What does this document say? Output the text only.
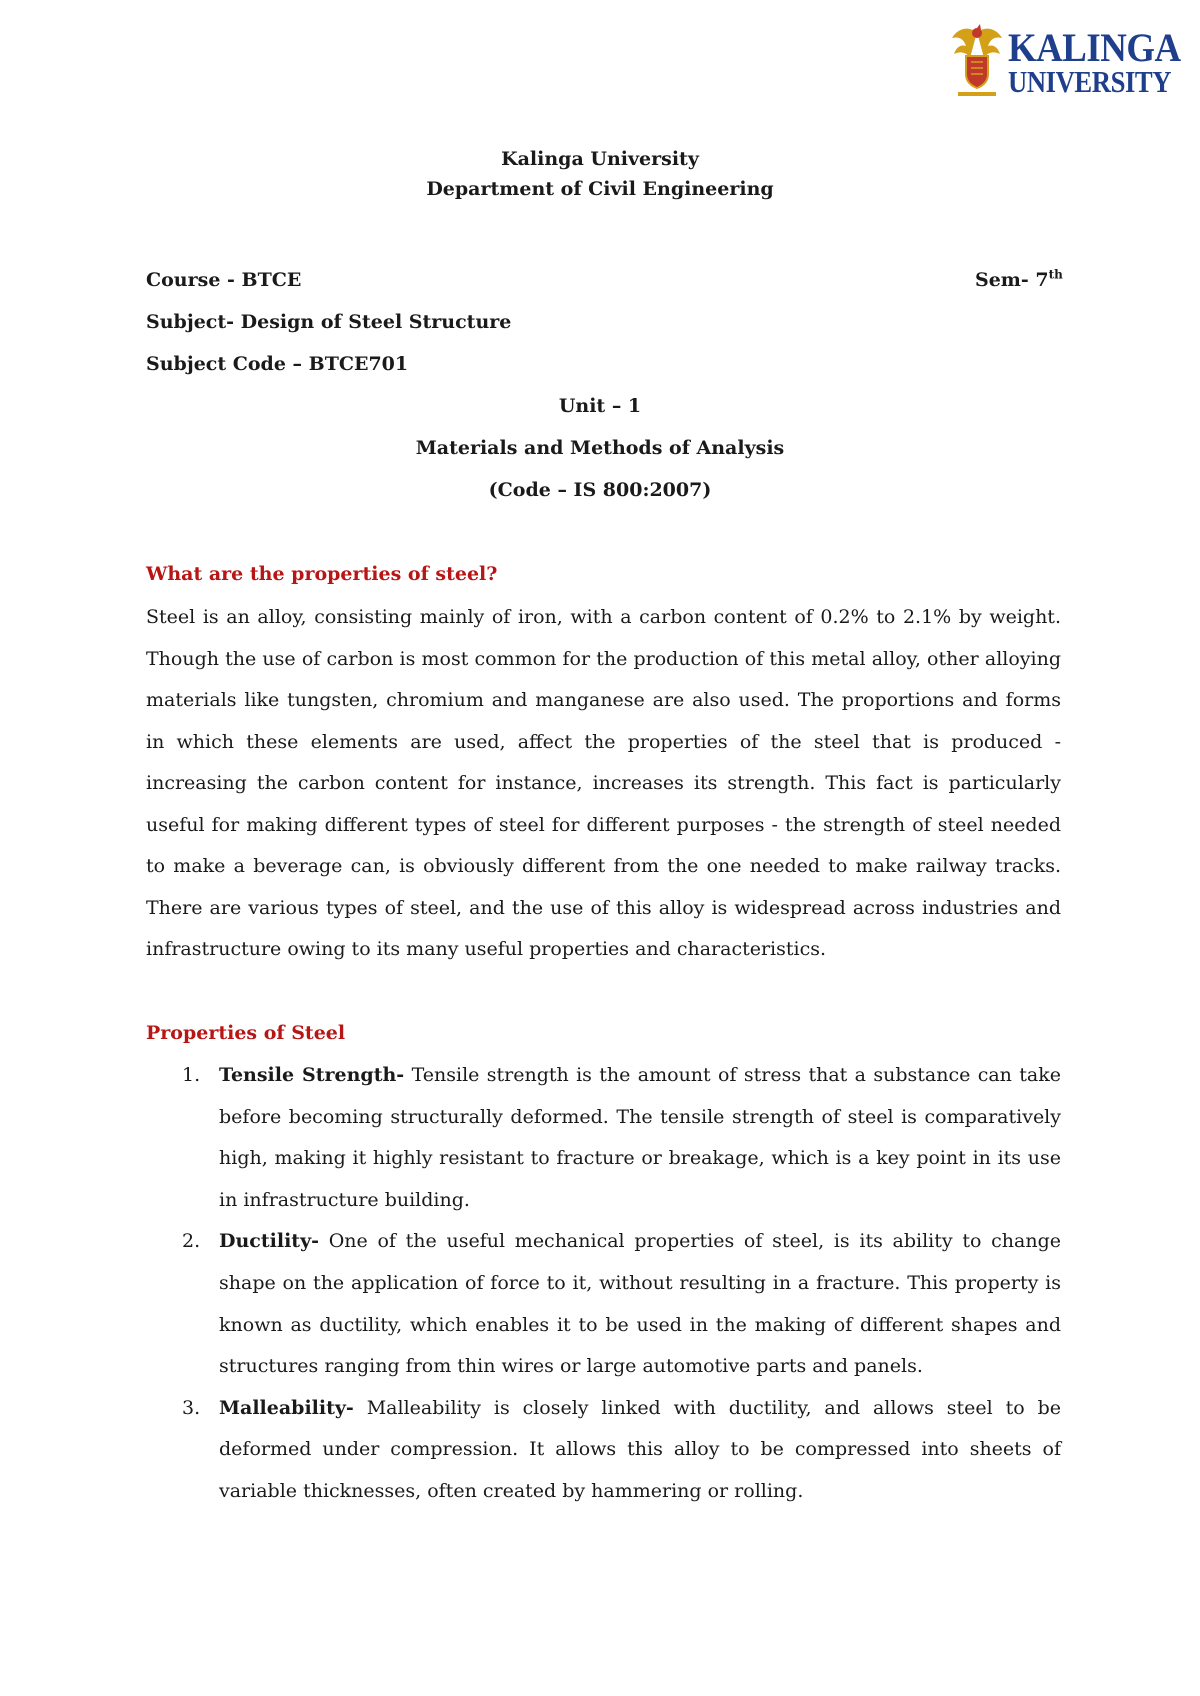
KALINGA
UNIVERSITY
Kalinga University
Department of Civil Engineering
Course - BTCE	Sem- 7th
Subject- Design of Steel Structure
Subject Code – BTCE701
Unit – 1
Materials and Methods of Analysis
(Code – IS 800:2007)
What are the properties of steel?

Steel is an alloy, consisting mainly of iron, with a carbon content of 0.2% to 2.1% by weight. Though the use of carbon is most common for the production of this metal alloy, other alloying materials like tungsten, chromium and manganese are also used. The proportions and forms in which these elements are used, affect the properties of the steel that is produced - increasing the carbon content for instance, increases its strength. This fact is particularly useful for making different types of steel for different purposes - the strength of steel needed to make a beverage can, is obviously different from the one needed to make railway tracks. There are various types of steel, and the use of this alloy is widespread across industries and infrastructure owing to its many useful properties and characteristics.

Properties of Steel
1. Tensile Strength- Tensile strength is the amount of stress that a substance can take before becoming structurally deformed. The tensile strength of steel is comparatively high, making it highly resistant to fracture or breakage, which is a key point in its use in infrastructure building.
2. Ductility- One of the useful mechanical properties of steel, is its ability to change shape on the application of force to it, without resulting in a fracture. This property is known as ductility, which enables it to be used in the making of different shapes and structures ranging from thin wires or large automotive parts and panels.
3. Malleability- Malleability is closely linked with ductility, and allows steel to be deformed under compression. It allows this alloy to be compressed into sheets of variable thicknesses, often created by hammering or rolling.
